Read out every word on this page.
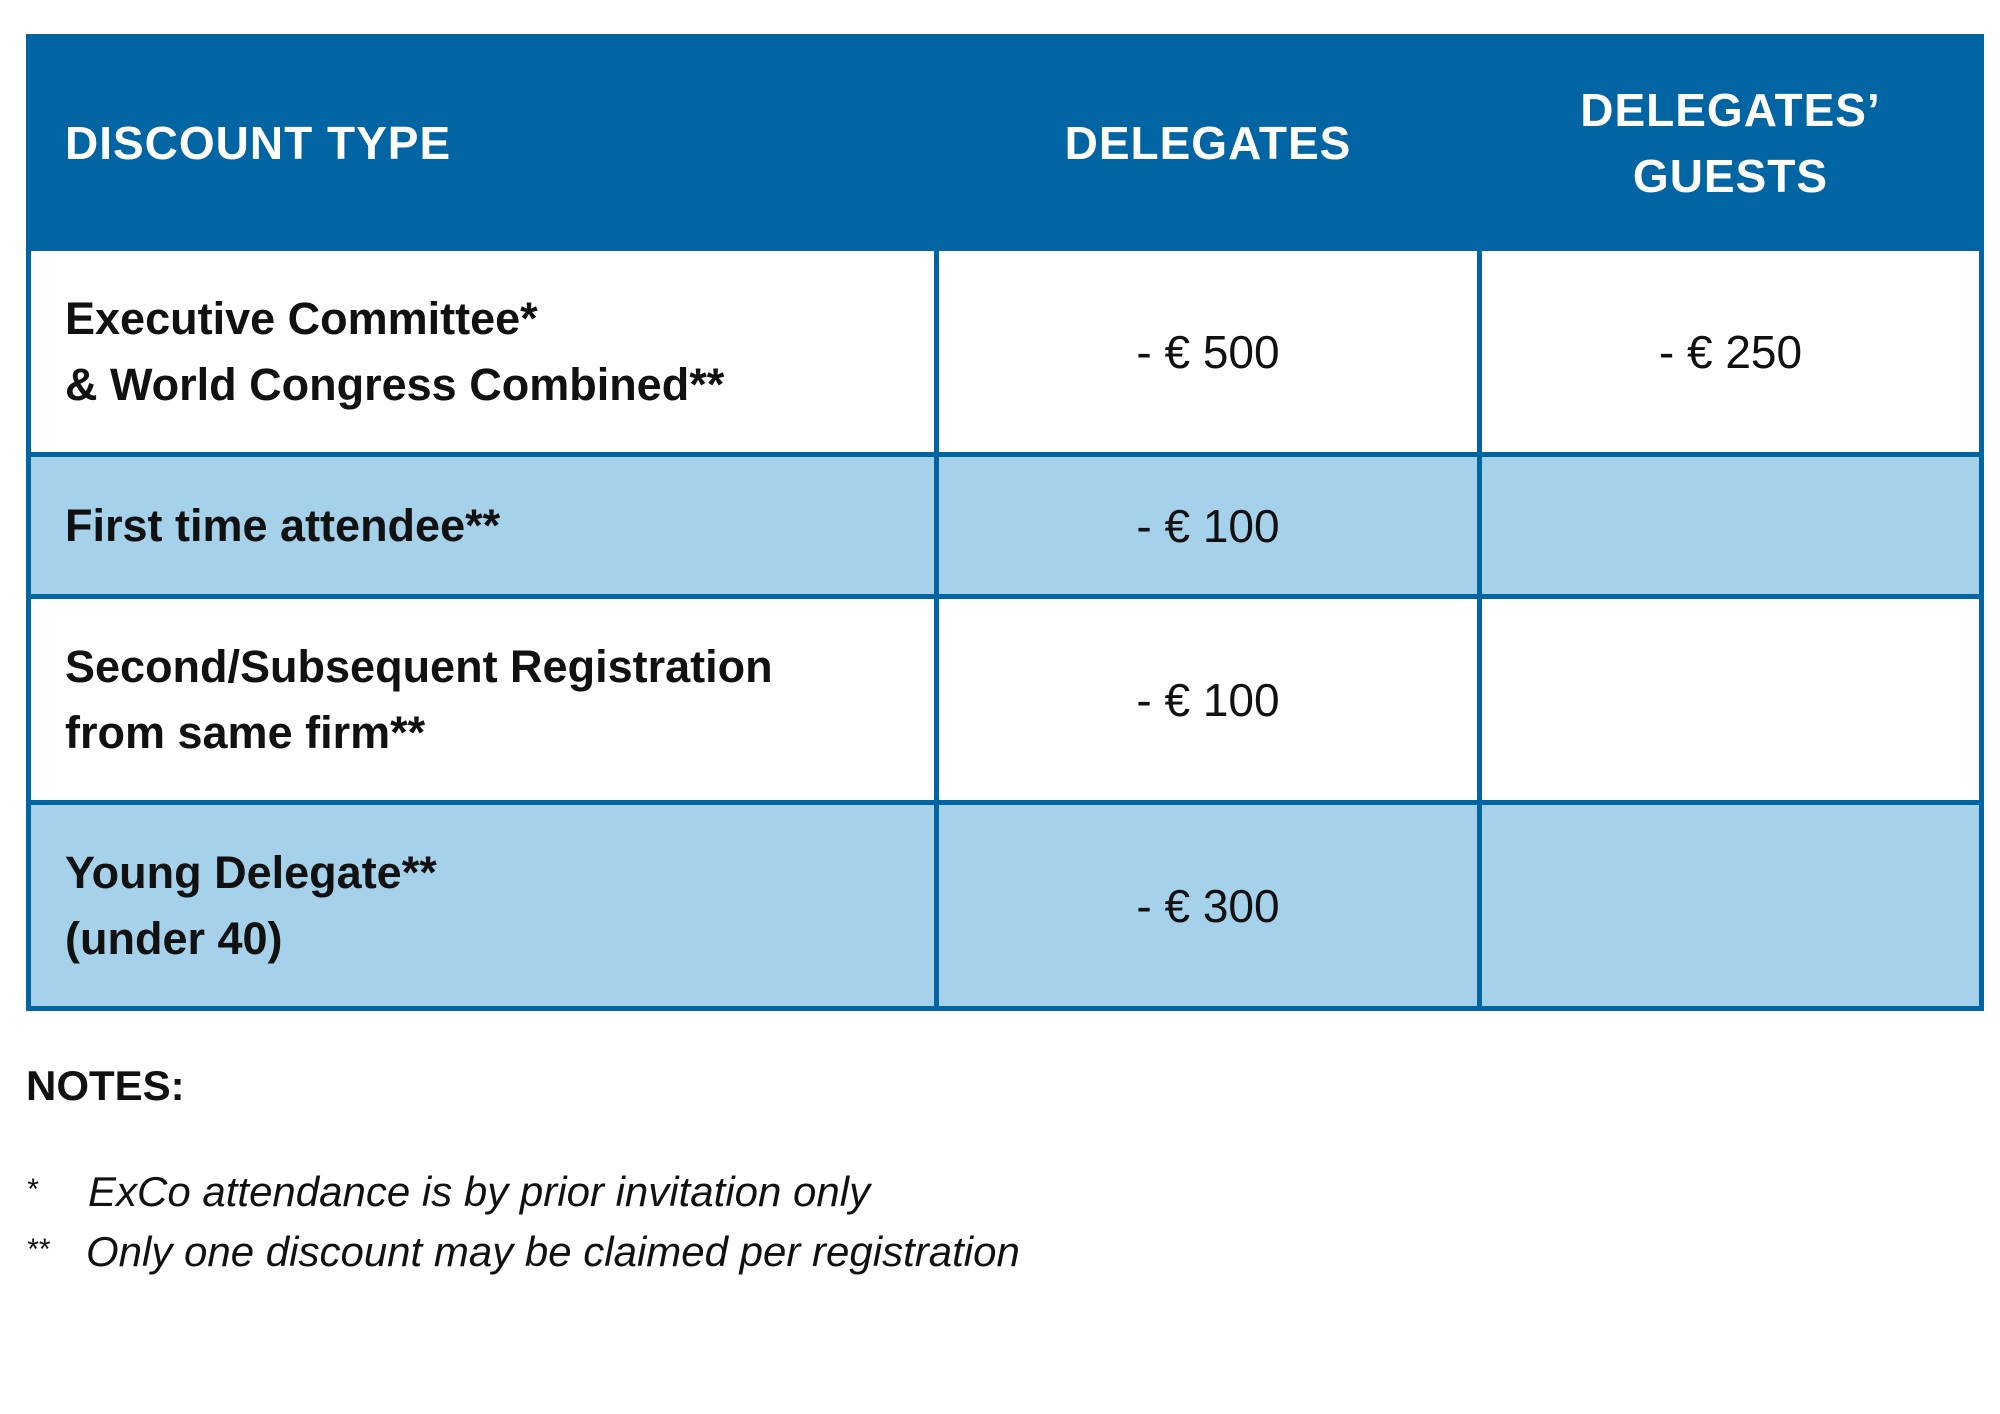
DISCOUNT TYPE	DELEGATES	DELEGATES’
GUESTS
Executive Committee*
& World Congress Combined**	- € 500	- € 250
First time attendee**	- € 100	
Second/Subsequent Registration
from same firm**	- € 100	
Young Delegate**
(under 40)	- € 300	
NOTES:
* ExCo attendance is by prior invitation only
** Only one discount may be claimed per registration
